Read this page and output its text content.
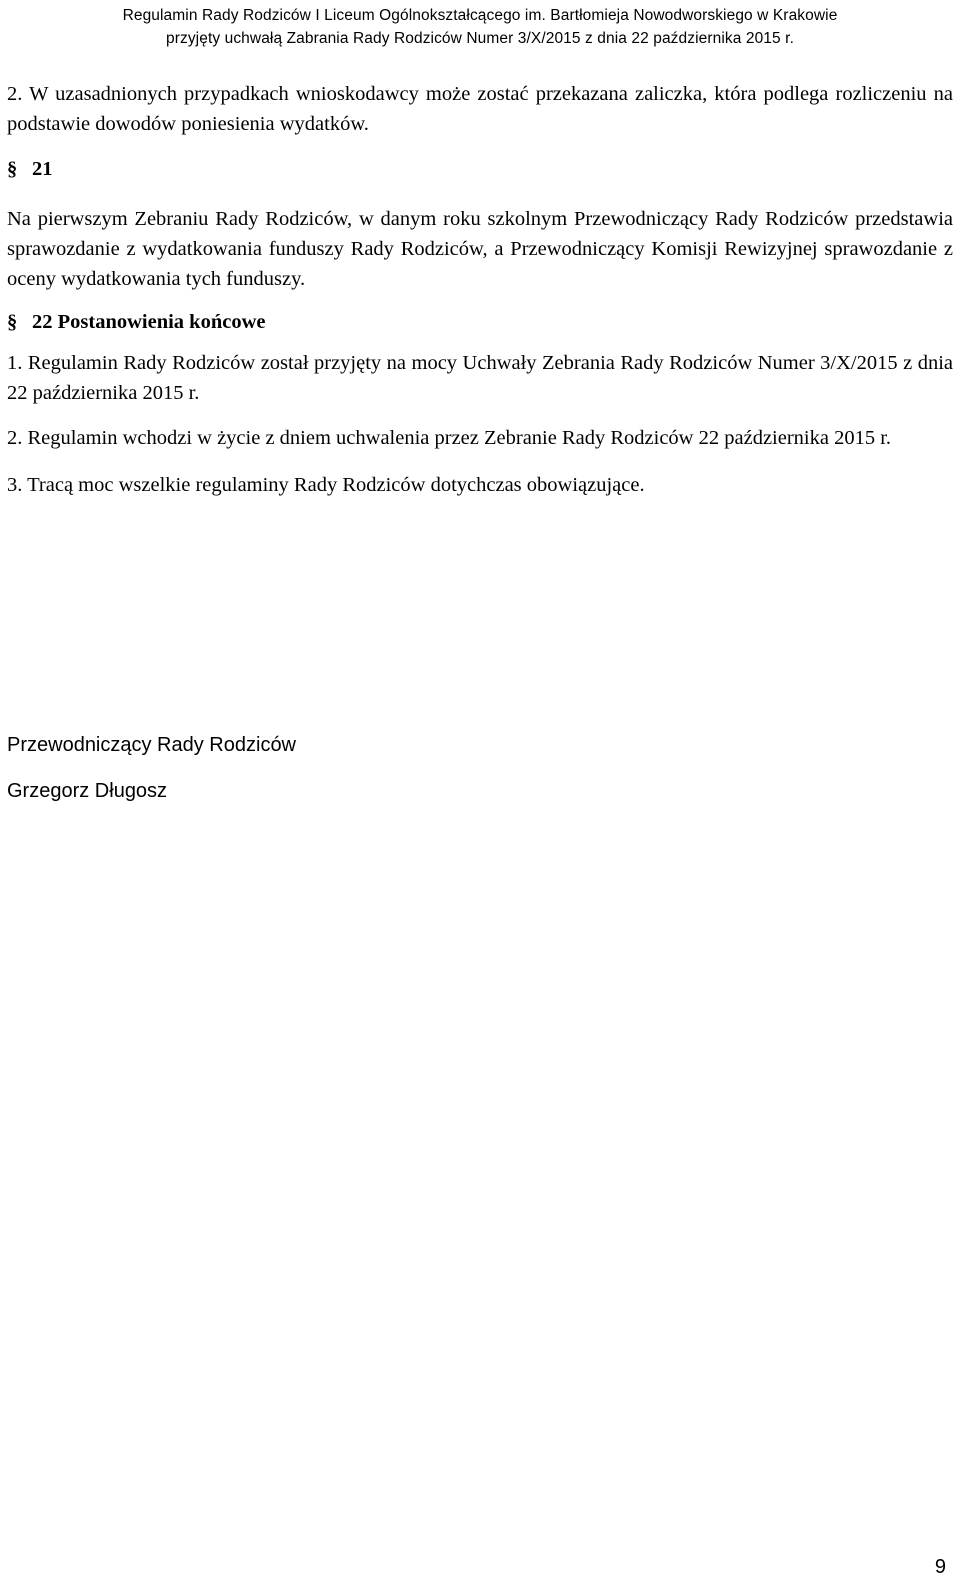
Regulamin Rady Rodziców I Liceum Ogólnokształcącego im. Bartłomieja Nowodworskiego w Krakowie
przyjęty uchwałą Zabrania Rady Rodziców Numer 3/X/2015 z dnia 22 października 2015 r.

2. W uzasadnionych przypadkach wnioskodawcy może zostać przekazana zaliczka, która podlega rozliczeniu na podstawie dowodów poniesienia wydatków.

§ 21

Na pierwszym Zebraniu Rady Rodziców, w danym roku szkolnym Przewodniczący Rady Rodziców przedstawia sprawozdanie z wydatkowania funduszy Rady Rodziców, a Przewodniczący Komisji Rewizyjnej sprawozdanie z oceny wydatkowania tych funduszy.

§ 22 Postanowienia końcowe

1. Regulamin Rady Rodziców został przyjęty na mocy Uchwały Zebrania Rady Rodziców Numer 3/X/2015 z dnia 22 października 2015 r.

2. Regulamin wchodzi w życie z dniem uchwalenia przez Zebranie Rady Rodziców 22 października 2015 r.

3. Tracą moc wszelkie regulaminy Rady Rodziców dotychczas obowiązujące.

Przewodniczący Rady Rodziców
Grzegorz Długosz
9
